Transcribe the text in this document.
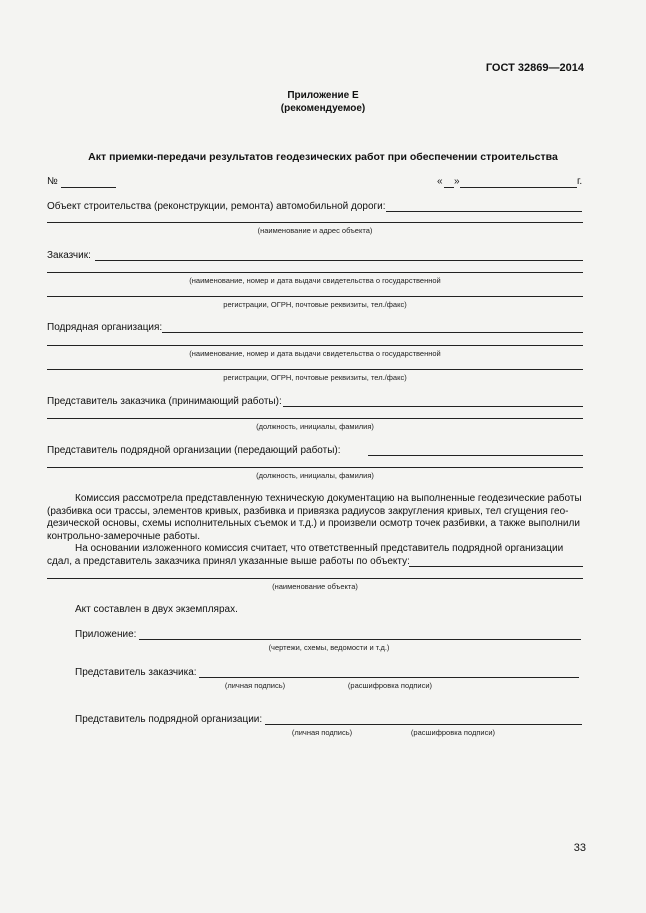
ГОСТ 32869—2014
Приложение Е
(рекомендуемое)
Акт приемки-передачи результатов геодезических работ при обеспечении строительства
№	« »	г.
Объект строительства (реконструкции, ремонта) автомобильной дороги:
(наименование и адрес объекта)
Заказчик:
(наименование, номер и дата выдачи свидетельства о государственной
регистрации, ОГРН, почтовые реквизиты, тел./факс)
Подрядная организация:
(наименование, номер и дата выдачи свидетельства о государственной
регистрации, ОГРН, почтовые реквизиты, тел./факс)
Представитель заказчика (принимающий работы):
(должность, инициалы, фамилия)
Представитель подрядной организации (передающий работы):
(должность, инициалы, фамилия)
Комиссия рассмотрела представленную техническую документацию на выполненные геодезические работы
(разбивка оси трассы, элементов кривых, разбивка и привязка радиусов закругления кривых, тел сгущения гео-
дезической основы, схемы исполнительных съемок и т.д.) и произвели осмотр точек разбивки, а также выполнили
контрольно-замерочные работы.
На основании изложенного комиссия считает, что ответственный представитель подрядной организации
сдал, а представитель заказчика принял указанные выше работы по объекту:
(наименование объекта)
Акт составлен в двух экземплярах.
Приложение:
(чертежи, схемы, ведомости и т.д.)
Представитель заказчика:
(личная подпись)	(расшифровка подписи)
Представитель подрядной организации:
(личная подпись)	(расшифровка подписи)
33
